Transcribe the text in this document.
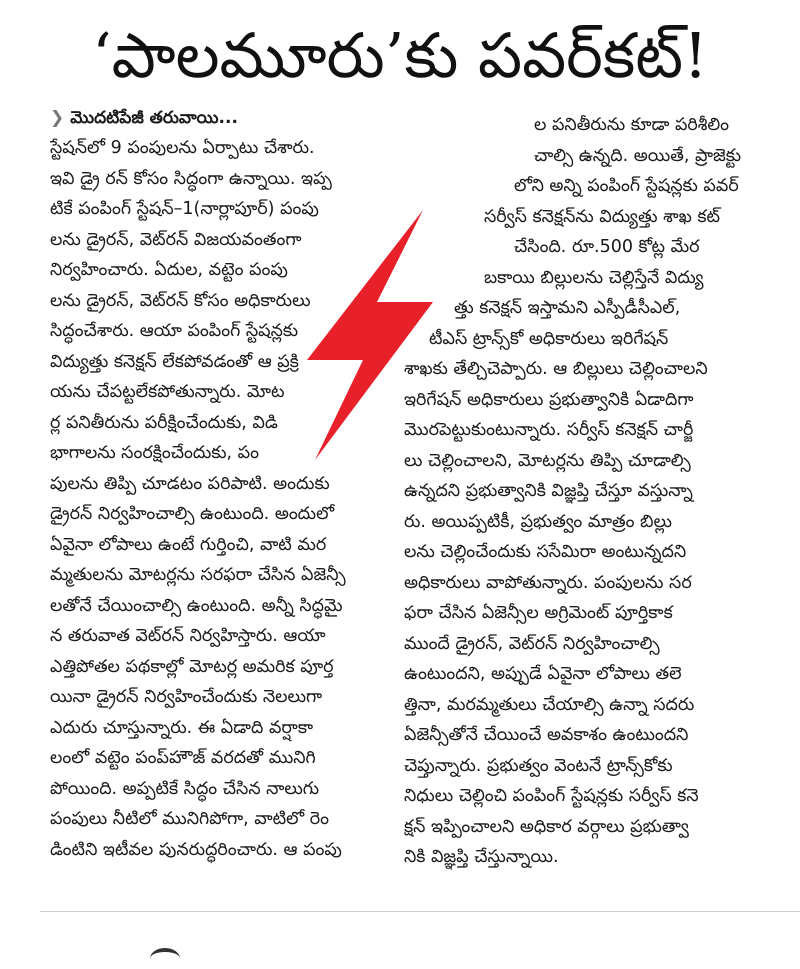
‘పాలమూరు’కు పవర్‌కట్‌!
❯ మొదటిపేజీ తరువాయి...
స్టేషన్‌లో 9 పంపులను ఏర్పాటు చేశారు.
ఇవి డ్రై రన్‌ కోసం సిద్ధంగా ఉన్నాయి. ఇప్ప
టికే పంపింగ్‌ స్టేషన్‌–1(నార్లాపూర్‌) పంపు
లను డ్రైరన్‌, వెట్‌రన్‌ విజయవంతంగా
నిర్వహించారు. ఏదుల, వట్టెం పంపు
లను డ్రైరన్‌, వెట్‌రన్‌ కోసం అధికారులు
సిద్ధంచేశారు. ఆయా పంపింగ్‌ స్టేషన్లకు
విద్యుత్తు కనెక్షన్‌ లేకపోవడంతో ఆ ప్రక్రి
యను చేపట్టలేకపోతున్నారు. మోట
ర్ల పనితీరును పరీక్షించేందుకు, విడి
భాగాలను సంరక్షించేందుకు, పం
పులను తిప్పి చూడటం పరిపాటి. అందుకు
డ్రైరన్‌ నిర్వహించాల్సి ఉంటుంది. అందులో
ఏవైనా లోపాలు ఉంటే గుర్తించి, వాటి మర
మ్మతులను మోటర్లను సరఫరా చేసిన ఏజెన్సీ
లతోనే చేయించాల్సి ఉంటుంది. అన్నీ సిద్ధమై
న తరువాత వెట్‌రన్‌ నిర్వహిస్తారు. ఆయా
ఎత్తిపోతల పథకాల్లో మోటర్ల అమరిక పూర్త
యినా డ్రైరన్‌ నిర్వహించేందుకు నెలలుగా
ఎదురు చూస్తున్నారు. ఈ ఏడాది వర్షాకా
లంలో వట్టెం పంప్‌హౌజ్‌ వరదతో మునిగి
పోయింది. అప్పటికే సిద్ధం చేసిన నాలుగు
పంపులు నీటిలో మునిగిపోగా, వాటిలో రెం
డింటిని ఇటీవల పునరుద్ధరించారు. ఆ పంపు
ల పనితీరును కూడా పరిశీలిం
చాల్సి ఉన్నది. అయితే, ప్రాజెక్టు
లోని అన్ని పంపింగ్‌ స్టేషన్లకు పవర్‌
సర్వీస్‌ కనెక్షన్‌ను విద్యుత్తు శాఖ కట్‌
చేసింది. రూ.500 కోట్ల మేర
బకాయి బిల్లులను చెల్లిస్తేనే విద్యు
త్తు కనెక్షన్‌ ఇస్తామని ఎస్పీడీసీఎల్‌,
టీఎస్‌ ట్రాన్స్‌కో అధికారులు ఇరిగేషన్‌
శాఖకు తేల్చిచెప్పారు. ఆ బిల్లులు చెల్లించాలని
ఇరిగేషన్‌ అధికారులు ప్రభుత్వానికి ఏడాదిగా
మొరపెట్టుకుంటున్నారు. సర్వీస్‌ కనెక్షన్‌ చార్జీ
లు చెల్లించాలని, మోటర్లను తిప్పి చూడాల్సి
ఉన్నదని ప్రభుత్వానికి విజ్ఞప్తి చేస్తూ వస్తున్నా
రు. అయిప్పటికీ, ప్రభుత్వం మాత్రం బిల్లు
లను చెల్లించేందుకు ససేమిరా అంటున్నదని
అధికారులు వాపోతున్నారు. పంపులను సర
ఫరా చేసిన ఏజెన్సీల అగ్రిమెంట్‌ పూర్తికాక
ముందే డ్రైరన్‌, వెట్‌రన్‌ నిర్వహించాల్సి
ఉంటుందని, అప్పుడే ఏవైనా లోపాలు తలె
త్తినా, మరమ్మతులు చేయాల్సి ఉన్నా సదరు
ఏజెన్సీతోనే చేయించే అవకాశం ఉంటుందని
చెప్తున్నారు. ప్రభుత్వం వెంటనే ట్రాన్స్‌కోకు
నిధులు చెల్లించి పంపింగ్‌ స్టేషన్లకు సర్వీస్‌ కనె
క్షన్‌ ఇప్పించాలని అధికార వర్గాలు ప్రభుత్వా
నికి విజ్ఞప్తి చేస్తున్నాయి.
